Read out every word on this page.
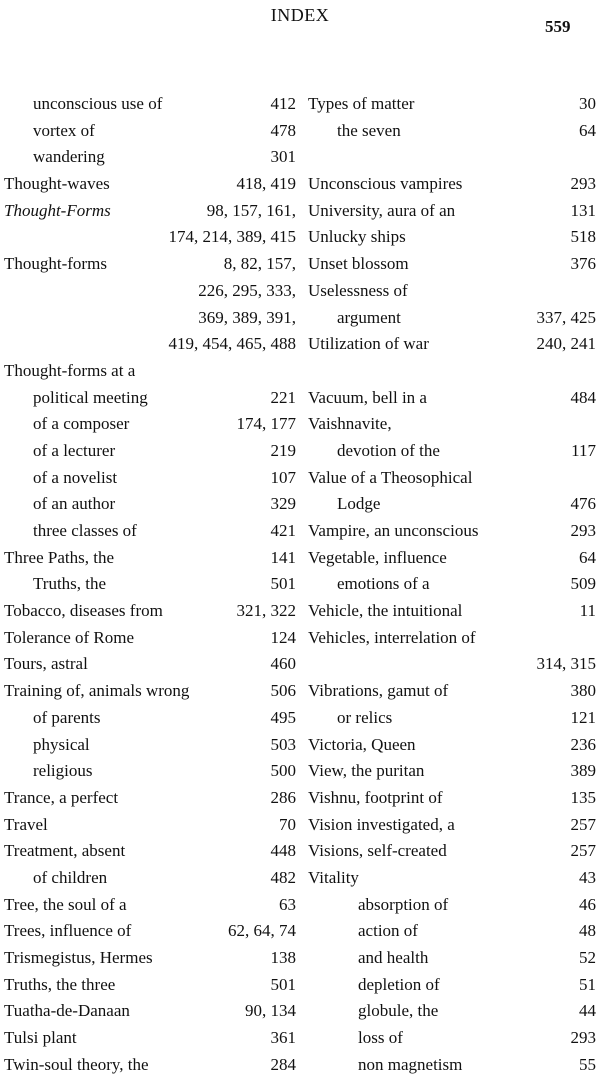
INDEX
559
unconscious use of	412
vortex of	478
wandering	301
Thought-waves	418, 419
Thought-Forms	98, 157, 161,
174, 214, 389, 415
Thought-forms	8, 82, 157,
226, 295, 333,
369, 389, 391,
419, 454, 465, 488
Thought-forms at a
political meeting	221
of a composer	174, 177
of a lecturer	219
of a novelist	107
of an author	329
three classes of	421
Three Paths, the	141
Truths, the	501
Tobacco, diseases from	321, 322
Tolerance of Rome	124
Tours, astral	460
Training of, animals wrong	506
of parents	495
physical	503
religious	500
Trance, a perfect	286
Travel	70
Treatment, absent	448
of children	482
Tree, the soul of a	63
Trees, influence of	62, 64, 74
Trismegistus, Hermes	138
Truths, the three	501
Tuatha-de-Danaan	90, 134
Tulsi plant	361
Twin-soul theory, the	284
Types of matter	30
the seven	64
Unconscious vampires	293
University, aura of an	131
Unlucky ships	518
Unset blossom	376
Uselessness of
argument	337, 425
Utilization of war	240, 241
Vacuum, bell in a	484
Vaishnavite,
devotion of the	117
Value of a Theosophical
Lodge	476
Vampire, an unconscious	293
Vegetable, influence	64
emotions of a	509
Vehicle, the intuitional	11
Vehicles, interrelation of
314, 315
Vibrations, gamut of	380
or relics	121
Victoria, Queen	236
View, the puritan	389
Vishnu, footprint of	135
Vision investigated, a	257
Visions, self-created	257
Vitality	43
absorption of	46
action of	48
and health	52
depletion of	51
globule, the	44
loss of	293
non magnetism	55
